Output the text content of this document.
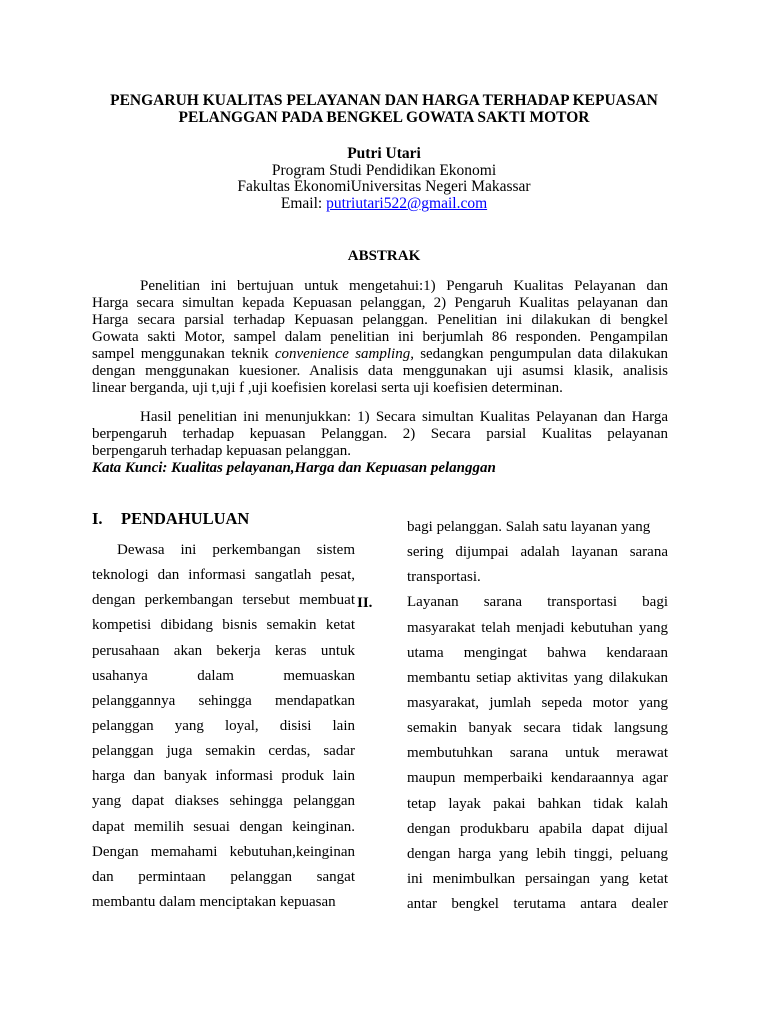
PENGARUH KUALITAS PELAYANAN DAN HARGA TERHADAP KEPUASAN
PELANGGAN PADA BENGKEL GOWATA SAKTI MOTOR
Putri Utari
Program Studi Pendidikan Ekonomi
Fakultas EkonomiUniversitas Negeri Makassar
Email: putriutari522@gmail.com
ABSTRAK
Penelitian ini bertujuan untuk mengetahui:1) Pengaruh Kualitas Pelayanan dan
Harga secara simultan kepada Kepuasan pelanggan, 2) Pengaruh Kualitas pelayanan dan
Harga secara parsial terhadap Kepuasan pelanggan. Penelitian ini dilakukan di bengkel
Gowata sakti Motor, sampel dalam penelitian ini berjumlah 86 responden. Pengampilan
sampel menggunakan teknik convenience sampling, sedangkan pengumpulan data dilakukan
dengan menggunakan kuesioner. Analisis data menggunakan uji asumsi klasik, analisis
linear berganda, uji t,uji f ,uji koefisien korelasi serta uji koefisien determinan.
Hasil penelitian ini menunjukkan: 1) Secara simultan Kualitas Pelayanan dan Harga
berpengaruh terhadap kepuasan Pelanggan. 2) Secara parsial Kualitas pelayanan
berpengaruh terhadap kepuasan pelanggan.
Kata Kunci: Kualitas pelayanan,Harga dan Kepuasan pelanggan
I. PENDAHULUAN
Dewasa ini perkembangan sistem
teknologi dan informasi sangatlah pesat,
dengan perkembangan tersebut membuat
kompetisi dibidang bisnis semakin ketat
perusahaan akan bekerja keras untuk
usahanya dalam memuaskan
pelanggannya sehingga mendapatkan
pelanggan yang loyal, disisi lain
pelanggan juga semakin cerdas, sadar
harga dan banyak informasi produk lain
yang dapat diakses sehingga pelanggan
dapat memilih sesuai dengan keinginan.
Dengan memahami kebutuhan,keinginan
dan permintaan pelanggan sangat
membantu dalam menciptakan kepuasan
II.
bagi pelanggan. Salah satu layanan yang
sering dijumpai adalah layanan sarana
transportasi.
Layanan sarana transportasi bagi
masyarakat telah menjadi kebutuhan yang
utama mengingat bahwa kendaraan
membantu setiap aktivitas yang dilakukan
masyarakat, jumlah sepeda motor yang
semakin banyak secara tidak langsung
membutuhkan sarana untuk merawat
maupun memperbaiki kendaraannya agar
tetap layak pakai bahkan tidak kalah
dengan produkbaru apabila dapat dijual
dengan harga yang lebih tinggi, peluang
ini menimbulkan persaingan yang ketat
antar bengkel terutama antara dealer
